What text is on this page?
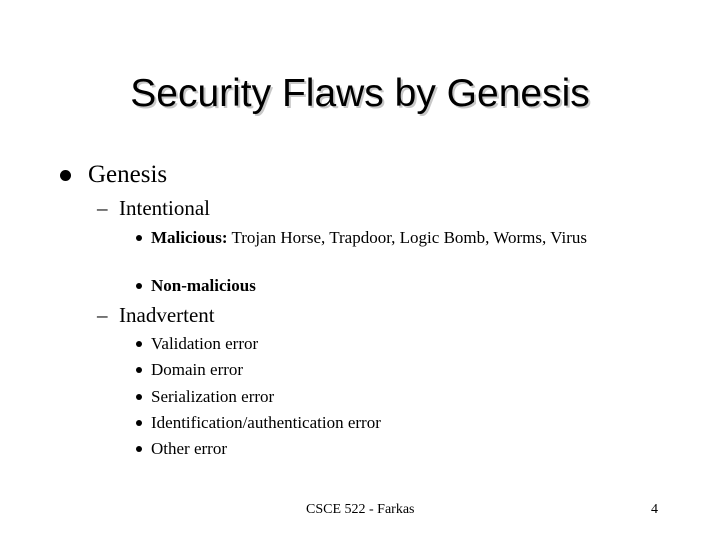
Security Flaws by Genesis
Genesis
– Intentional
Malicious: Trojan Horse, Trapdoor, Logic Bomb, Worms, Virus
Non-malicious
– Inadvertent
Validation error
Domain error
Serialization error
Identification/authentication error
Other error
CSCE 522 - Farkas	4
